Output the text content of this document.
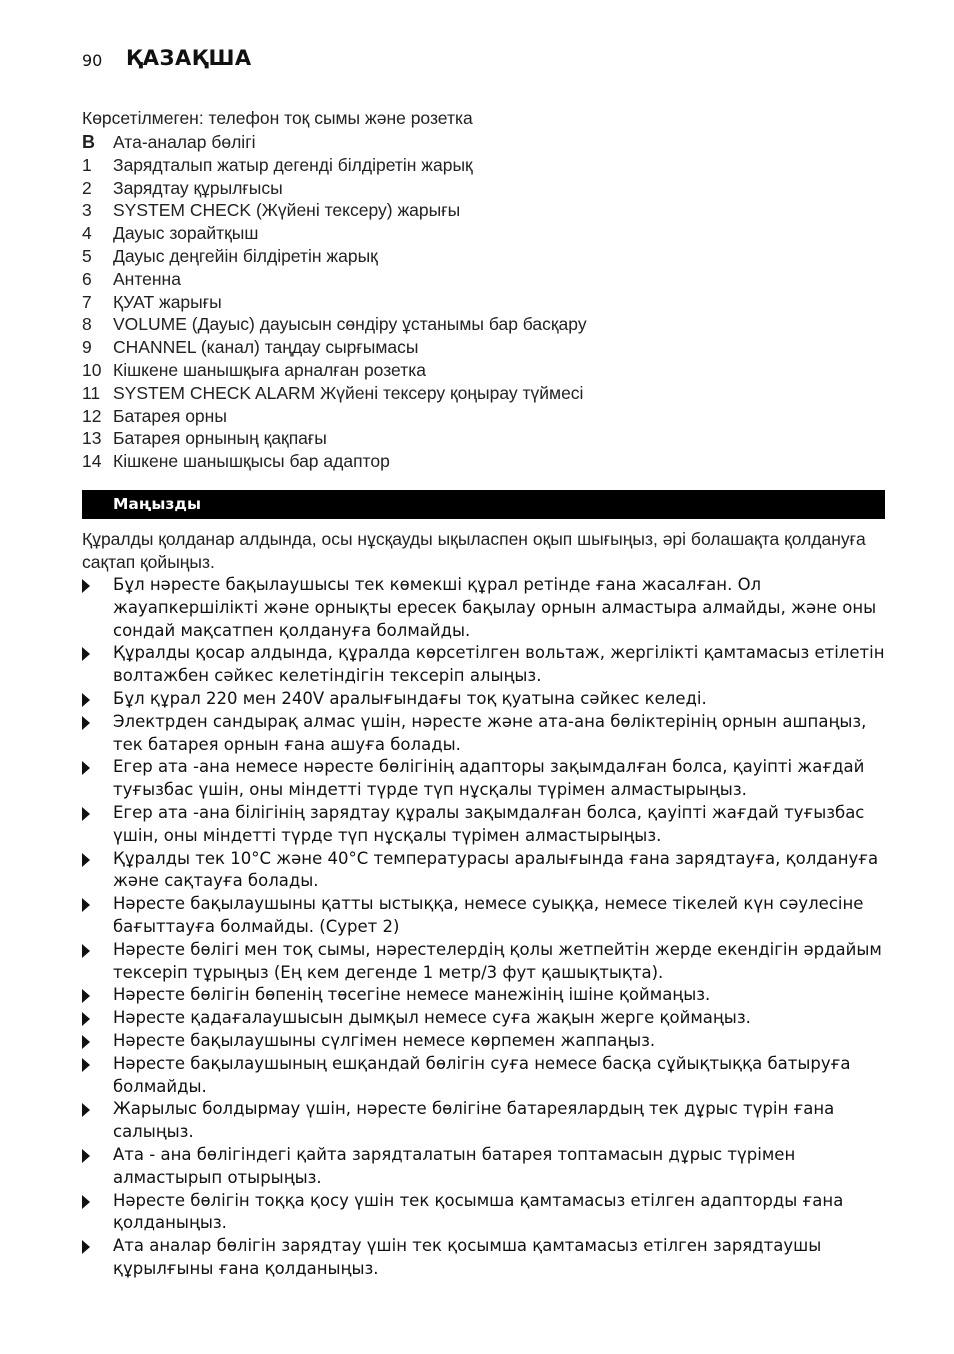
90 ҚАЗАҚША
Көрсетілмеген: телефон тоқ сымы және розетка
B Ата-аналар бөлігі
1 Зарядталып жатыр дегенді білдіретін жарық
2 Зарядтау құрылғысы
3 SYSTEM CHECK (Жүйені тексеру) жарығы
4 Дауыс зорайтқыш
5 Дауыс деңгейін білдіретін жарық
6 Антенна
7 ҚУАТ жарығы
8 VOLUME (Дауыс) дауысын сөндіру ұстанымы бар басқару
9 CHANNEL (канал) таңдау сырғымасы
10 Кішкене шанышқыға арналған розетка
11 SYSTEM CHECK ALARM Жүйені тексеру қоңырау түймесі
12 Батарея орны
13 Батарея орнының қақпағы
14 Кішкене шанышқысы бар адаптор
Маңызды
Құралды қолданар алдында, осы нұсқауды ықыласпен оқып шығыңыз, әрі болашақта қолдануға сақтап қойыңыз.
Бұл нәресте бақылаушысы тек көмекші құрал ретінде ғана жасалған. Ол жауапкершілікті және орнықты ересек бақылау орнын алмастыра алмайды, және оны сондай мақсатпен қолдануға болмайды.
Құралды қосар алдында, құралда көрсетілген вольтаж, жергілікті қамтамасыз етілетін волтажбен сәйкес келетіндігін тексеріп алыңыз.
Бұл құрал 220 мен 240V аралығындағы тоқ қуатына сәйкес келеді.
Электрден сандырақ алмас үшін, нәресте және ата-ана бөліктерінің орнын ашпаңыз, тек батарея орнын ғана ашуға болады.
Егер ата -ана немесе нәресте бөлігінің адапторы зақымдалған болса, қауіпті жағдай туғызбас үшін, оны міндетті түрде түп нұсқалы түрімен алмастырыңыз.
Егер ата -ана білігінің зарядтау құралы зақымдалған болса, қауіпті жағдай туғызбас үшін, оны міндетті түрде түп нұсқалы түрімен алмастырыңыз.
Құралды тек 10°C және 40°C температурасы аралығында ғана зарядтауға, қолдануға және сақтауға болады.
Нәресте бақылаушыны қатты ыстыққа, немесе суыққа, немесе тікелей күн сәулесіне бағыттауға болмайды. (Сурет 2)
Нәресте бөлігі мен тоқ сымы, нәрестелердің қолы жетпейтін жерде екендігін әрдайым тексеріп тұрыңыз (Ең кем дегенде 1 метр/3 фут қашықтықта).
Нәресте бөлігін бөпенің төсегіне немесе манежінің ішіне қоймаңыз.
Нәресте қадағалаушысын дымқыл немесе суға жақын жерге қоймаңыз.
Нәресте бақылаушыны сүлгімен немесе көрпемен жаппаңыз.
Нәресте бақылаушының ешқандай бөлігін суға немесе басқа сұйықтыққа батыруға болмайды.
Жарылыс болдырмау үшін, нәресте бөлігіне батареялардың тек дұрыс түрін ғана салыңыз.
Ата - ана бөлігіндегі қайта зарядталатын батарея топтамасын дұрыс түрімен алмастырып отырыңыз.
Нәресте бөлігін тоққа қосу үшін тек қосымша қамтамасыз етілген адапторды ғана қолданыңыз.
Ата аналар бөлігін зарядтау үшін тек қосымша қамтамасыз етілген зарядтаушы құрылғыны ғана қолданыңыз.
